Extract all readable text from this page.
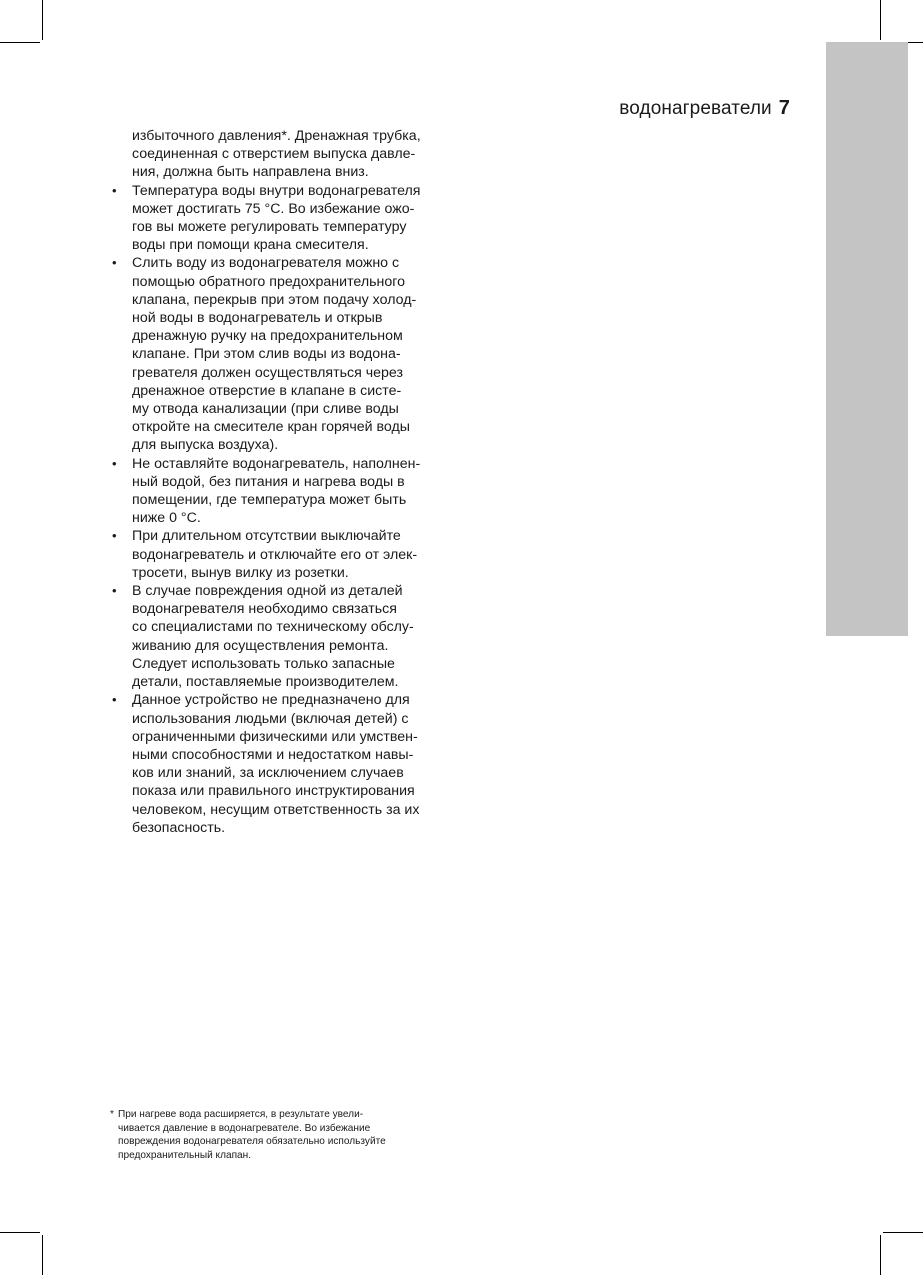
водонагреватели 7
избыточного давления*. Дренажная трубка,
соединенная с отверстием выпуска давле-
ния, должна быть направлена вниз.
• Температура воды внутри водонагревателя
может достигать 75 °С. Во избежание ожо-
гов вы можете регулировать температуру
воды при помощи крана смесителя.
• Слить воду из водонагревателя можно с
помощью обратного предохранительного
клапана, перекрыв при этом подачу холод-
ной воды в водонагреватель и открыв
дренажную ручку на предохранительном
клапане. При этом слив воды из водона-
гревателя должен осуществляться через
дренажное отверстие в клапане в систе-
му отвода канализации (при сливе воды
откройте на смесителе кран горячей воды
для выпуска воздуха).
• Не оставляйте водонагреватель, наполнен-
ный водой, без питания и нагрева воды в
помещении, где температура может быть
ниже 0 °С.
• При длительном отсутствии выключайте
водонагреватель и отключайте его от элек-
тросети, вынув вилку из розетки.
• В случае повреждения одной из деталей
водонагревателя необходимо связаться
со специалистами по техническому обслу-
живанию для осуществления ремонта.
Следует использовать только запасные
детали, поставляемые производителем.
• Данное устройство не предназначено для
использования людьми (включая детей) с
ограниченными физическими или умствен-
ными способностями и недостатком навы-
ков или знаний, за исключением случаев
показа или правильного инструктирования
человеком, несущим ответственность за их
безопасность.
* При нагреве вода расширяется, в результате увели-
чивается давление в водонагревателе. Во избежание
повреждения водонагревателя обязательно используйте
предохранительный клапан.
